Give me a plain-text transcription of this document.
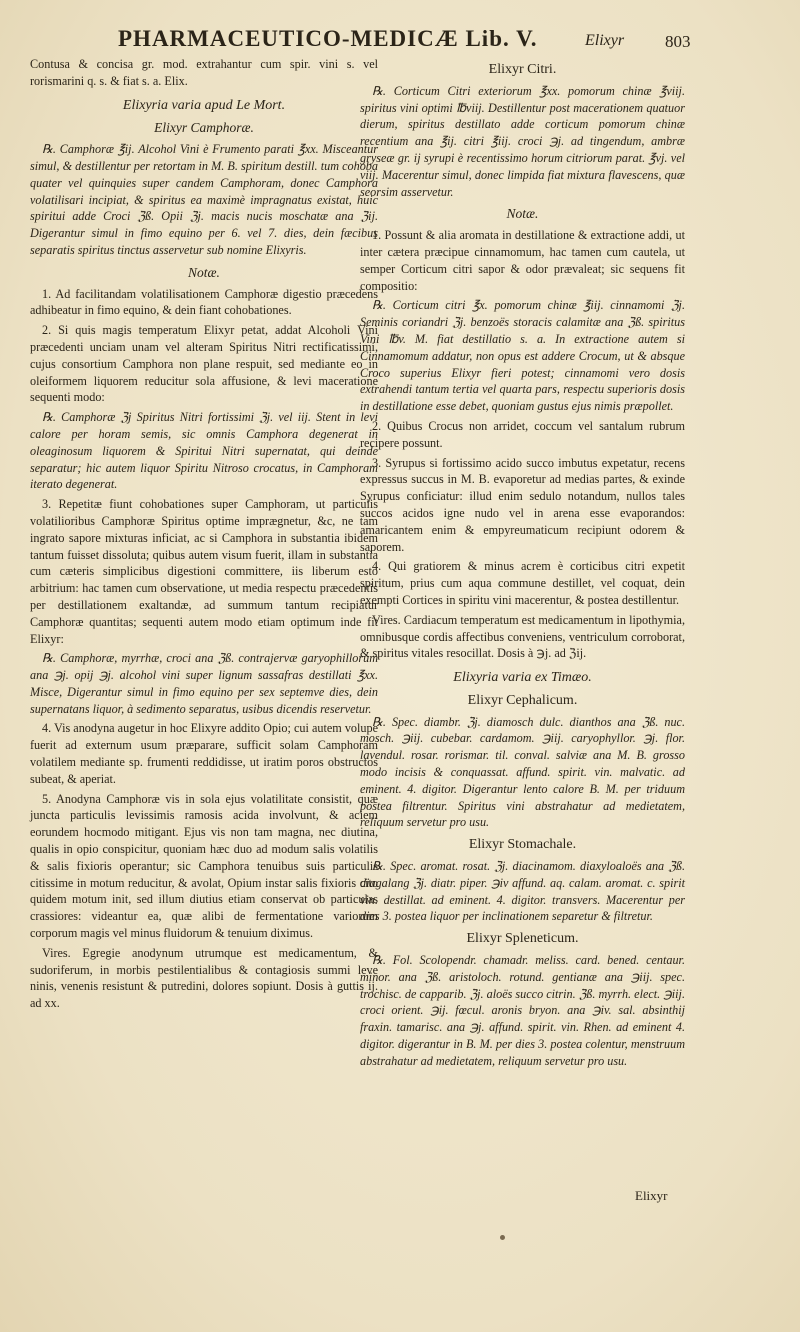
PHARMACEUTICO-MEDICÆ Lib. V.	Elixyr 803

Contusa & concisa gr. mod. extrahantur cum spir. vini s. vel rorismarini q. s. & fiat s. a. Elix.

Elixyria varia apud Le Mort.
Elixyr Camphoræ.

℞. Camphoræ ℥ij. Alcohol Vini è Frumento parati ℥xx. Misceantur simul, & destillentur per retortam in M. B. spiritum destill. tum cohoba quater vel quinquies super candem Camphoram, donec Camphora volatilisari incipiat, & spiritus ea maximè impragnatus existat, huic spiritui adde Croci ℨß. Opii ℨj. macis nucis moschatæ ana ℨij. Digerantur simul in fimo equino per 6. vel 7. dies, dein fæcibus separatis spiritus tinctus asservetur sub nomine Elixyris.

Notæ.

1. Ad facilitandam volatilisationem Camphoræ digestio præcedens adhibeatur in fimo equino, & dein fiant cohobationes.

2. Si quis magis temperatum Elixyr petat, addat Alcoholi Vini præcedenti unciam unam vel alteram Spiritus Nitri rectificatissimi, cujus consortium Camphora non plane respuit, sed mediante eo in oleiformem liquorem reducitur sola affusione, & levi maceratione sequenti modo:

℞. Camphoræ ℨj Spiritus Nitri fortissimi ℨj. vel iij. Stent in levi calore per horam semis, sic omnis Camphora degenerat in oleaginosum liquorem & Spiritui Nitri supernatat, qui deinde separatur; hic autem liquor Spiritu Nitroso crocatus, in Camphoram iterato degenerat.

3. Repetitæ fiunt cohobationes super Camphoram, ut particulis volatilioribus Camphoræ Spiritus optime imprægnetur, &c, ne tam ingrato sapore mixturas inficiat, ac si Camphora in substantia ibidem tantum fuisset dissoluta; quibus autem visum fuerit, illam in substantia cum cæteris simplicibus digestioni committere, iis liberum esto arbitrium: hac tamen cum observatione, ut media respectu præcedentis per destillationem exaltandæ, ad summum tantum recipiatur Camphoræ quantitas; sequenti autem modo etiam optimum inde fit Elixyr:

℞. Camphoræ, myrrhæ, croci ana ℨß. contrajervæ garyophillorum ana ℈j. opij ℈j. alcohol vini super lignum sassafras destillati ℥xx. Misce, Digerantur simul in fimo equino per sex septemve dies, dein supernatans liquor, à sedimento separatus, usibus dicendis reservetur.

4. Vis anodyna augetur in hoc Elixyre addito Opio; cui autem volupe fuerit ad externum usum præparare, sufficit solam Camphoram volatilem mediante sp. frumenti reddidisse, ut iratim poros obstructos subeat, & aperiat.

5. Anodyna Camphoræ vis in sola ejus volatilitate consistit, quæ juncta particulis levissimis ramosis acida involvunt, & aciem eorundem hocmodo mitigant. Ejus vis non tam magna, nec diutina, qualis in opio conspicitur, quoniam hæc duo ad modum salis volatilis & salis fixioris operantur; sic Camphora tenuibus suis particulis citissime in motum reducitur, & avolat, Opium instar salis fixioris cito quidem motum init, sed illum diutius etiam conservat ob particulas crassiores: videantur ea, quæ alibi de fermentatione variorum corporum magis vel minus fluidorum & tenuium diximus.

Vires. Egregie anodynum utrumque est medicamentum, & sudoriferum, in morbis pestilentialibus & contagiosis summi leve ninis, venenis resistunt & putredini, dolores sopiunt. Dosis à guttis ij. ad xx.

Elixyr Citri.

℞. Corticum Citri exteriorum ℥xx. pomorum chinæ ℥viij. spiritus vini optimi ℔viij. Destillentur post macerationem quatuor dierum, spiritus destillato adde corticum pomorum chinæ recentium ana ℥ij. citri ℥iij. croci ℈j. ad tingendum, ambræ gryseæ gr. ij syrupi è recentissimo horum citriorum parat. ℥vj. vel viij. Macerentur simul, donec limpida fiat mixtura flavescens, quæ seorsim asservetur.

Notæ.

1. Possunt & alia aromata in destillatione & extractione addi, ut inter cætera præcipue cinnamomum, hac tamen cum cautela, ut semper Corticum citri sapor & odor prævaleat; sic sequens fit compositio:

℞. Corticum citri ℥x. pomorum chinæ ℥iij. cinnamomi ℨj. Seminis coriandri ℨj. benzoës storacis calamitæ ana ℨß. spiritus Vini ℔v. M. fiat destillatio s. a. In extractione autem si Cinnamomum addatur, non opus est addere Crocum, ut & absque Croco superius Elixyr fieri potest; cinnamomi vero dosis extrahendi tantum tertia vel quarta pars, respectu superioris dosis in destillatione esse debet, quoniam gustus ejus nimis præpollet.

2. Quibus Crocus non arridet, coccum vel santalum rubrum recipere possunt.

3. Syrupus si fortissimo acido succo imbutus expetatur, recens expressus succus in M. B. evaporetur ad medias partes, & exinde Syrupus conficiatur: illud enim sedulo notandum, nullos tales succos acidos igne nudo vel in arena esse evaporandos: amaricantem enim & empyreumaticum recipiunt odorem & saporem.

4. Qui gratiorem & minus acrem è corticibus citri expetit spiritum, prius cum aqua commune destillet, vel coquat, dein exempti Cortices in spiritu vini macerentur, & postea destillentur.

Vires. Cardiacum temperatum est medicamentum in lipothymia, omnibusque cordis affectibus conveniens, ventriculum corroborat, & spiritus vitales resocillat. Dosis à ℈j. ad ℨij.

Elixyria varia ex Timæo.
Elixyr Cephalicum.

℞. Spec. diambr. ℨj. diamosch dulc. dianthos ana ℨß. nuc. mosch. ℈iij. cubebar. cardamom. ℈iij. caryophyllor. ℈j. flor. lavendul. rosar. rorismar. til. conval. salviæ ana M. B. grosso modo incisis & conquassat. affund. spirit. vin. malvatic. ad eminent. 4. digitor. Digerantur lento calore B. M. per triduum postea filtrentur. Spiritus vini abstrahatur ad medietatem, reliquum servetur pro usu.

Elixyr Stomachale.

℞. Spec. aromat. rosat. ℨj. diacinamom. diaxyloaloës ana ℨß. diagalang ℨj. diatr. piper. ℈iv affund. aq. calam. aromat. c. spirit vin. destillat. ad eminent. 4. digitor. transvers. Macerentur per dies 3. postea liquor per inclinationem separetur & filtretur.

Elixyr Spleneticum.

℞. Fol. Scolopendr. chamadr. meliss. card. bened. centaur. minor. ana ℨß. aristoloch. rotund. gentianæ ana ℈iij. spec. trochisc. de capparib. ℨj. aloës succo citrin. ℨß. myrrh. elect. ℈iij. croci orient. ℈ij. fœcul. aronis bryon. ana ℈iv. sal. absinthij fraxin. tamarisc. ana ℈j. affund. spirit. vin. Rhen. ad eminent 4. digitor. digerantur in B. M. per dies 3. postea colentur, menstruum abstrahatur ad medietatem, reliquum servetur pro usu.

Elixyr
